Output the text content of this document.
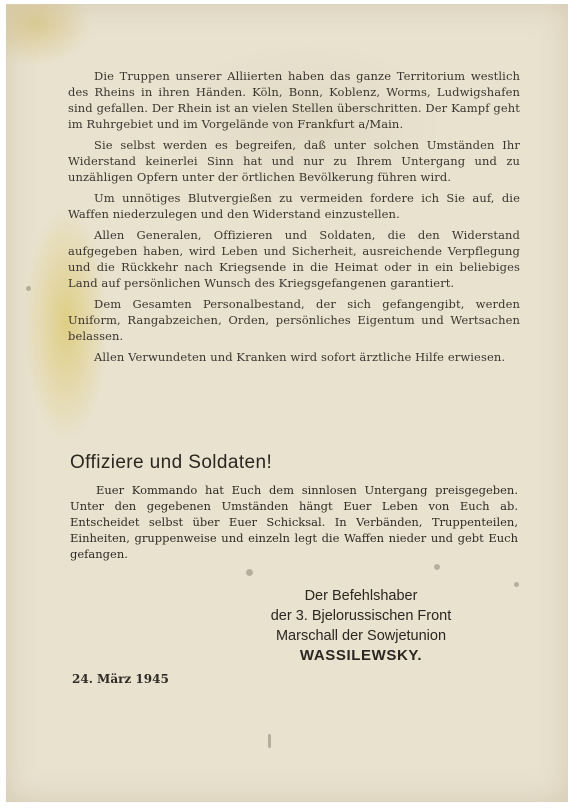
Die Truppen unserer Alliierten haben das ganze Territorium westlich des Rheins in ihren Händen. Köln, Bonn, Koblenz, Worms, Ludwigshafen sind gefallen. Der Rhein ist an vielen Stellen überschritten. Der Kampf geht im Ruhrgebiet und im Vorgelände von Frankfurt a/Main.

Sie selbst werden es begreifen, daß unter solchen Umständen Ihr Widerstand keinerlei Sinn hat und nur zu Ihrem Untergang und zu unzähligen Opfern unter der örtlichen Bevölkerung führen wird.

Um unnötiges Blutvergießen zu vermeiden fordere ich Sie auf, die Waffen niederzulegen und den Widerstand einzustellen.

Allen Generalen, Offizieren und Soldaten, die den Widerstand aufgegeben haben, wird Leben und Sicherheit, ausreichende Verpflegung und die Rückkehr nach Kriegsende in die Heimat oder in ein beliebiges Land auf persönlichen Wunsch des Kriegsgefangenen garantiert.

Dem Gesamten Personalbestand, der sich gefangengibt, werden Uniform, Rangabzeichen, Orden, persönliches Eigentum und Wertsachen belassen.

Allen Verwundeten und Kranken wird sofort ärztliche Hilfe erwiesen.

Offiziere und Soldaten!

Euer Kommando hat Euch dem sinnlosen Untergang preisgegeben. Unter den gegebenen Umständen hängt Euer Leben von Euch ab. Entscheidet selbst über Euer Schicksal. In Verbänden, Truppenteilen, Einheiten, gruppenweise und einzeln legt die Waffen nieder und gebt Euch gefangen.

Der Befehlshaber
der 3. Bjelorussischen Front
Marschall der Sowjetunion
WASSILEWSKY.
24. März 1945
